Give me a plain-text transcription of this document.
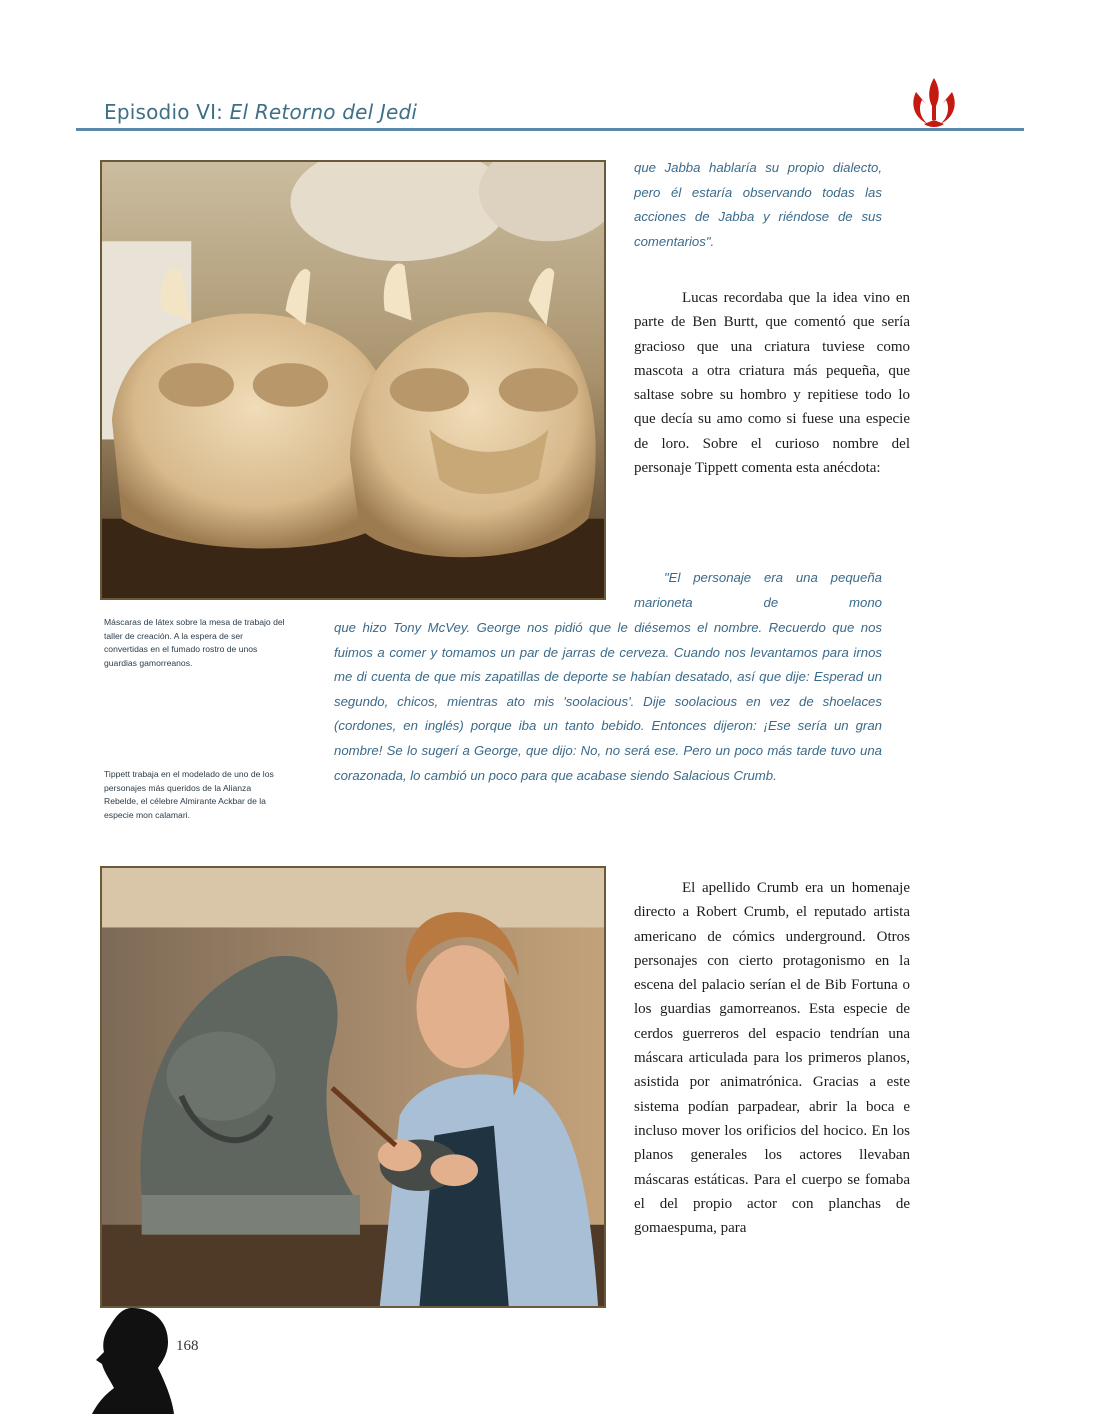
Episodio VI: El Retorno del Jedi
que Jabba hablaría su propio dialecto, pero él estaría observando todas las acciones de Jabba y riéndose de sus comentarios".
Lucas recordaba que la idea vino en parte de Ben Burtt, que comentó que sería gracioso que una criatura tuviese como mascota a otra criatura más pequeña, que saltase sobre su hombro y repitiese todo lo que decía su amo como si fuese una especie de loro. Sobre el curioso nombre del personaje Tippett comenta esta anécdota:
"El personaje era una pequeña marioneta de mono
que hizo Tony McVey. George nos pidió que le diésemos el nombre. Recuerdo que nos fuimos a comer y tomamos un par de jarras de cerveza. Cuando nos levantamos para irnos me di cuenta de que mis zapatillas de deporte se habían desatado, así que dije: Esperad un segundo, chicos, mientras ato mis 'soolacious'. Dije soolacious en vez de shoelaces (cordones, en inglés) porque iba un tanto bebido. Entonces dijeron: ¡Ese sería un gran nombre! Se lo sugerí a George, que dijo: No, no será ese. Pero un poco más tarde tuvo una corazonada, lo cambió un poco para que acabase siendo Salacious Crumb.
Máscaras de látex sobre la mesa de trabajo del taller de creación. A la espera de ser convertidas en el fumado rostro de unos guardias gamorreanos.
Tippett trabaja en el modelado de uno de los personajes más queridos de la Alianza Rebelde, el célebre Almirante Ackbar de la especie mon calamari.
El apellido Crumb era un homenaje directo a Robert Crumb, el reputado artista americano de cómics underground. Otros personajes con cierto protagonismo en la escena del palacio serían el de Bib Fortuna o los guardias gamorreanos. Esta especie de cerdos guerreros del espacio tendrían una máscara articulada para los primeros planos, asistida por animatrónica. Gracias a este sistema podían parpadear, abrir la boca e incluso mover los orificios del hocico. En los planos generales los actores llevaban máscaras estáticas. Para el cuerpo se fomaba el del propio actor con planchas de gomaespuma, para
168
